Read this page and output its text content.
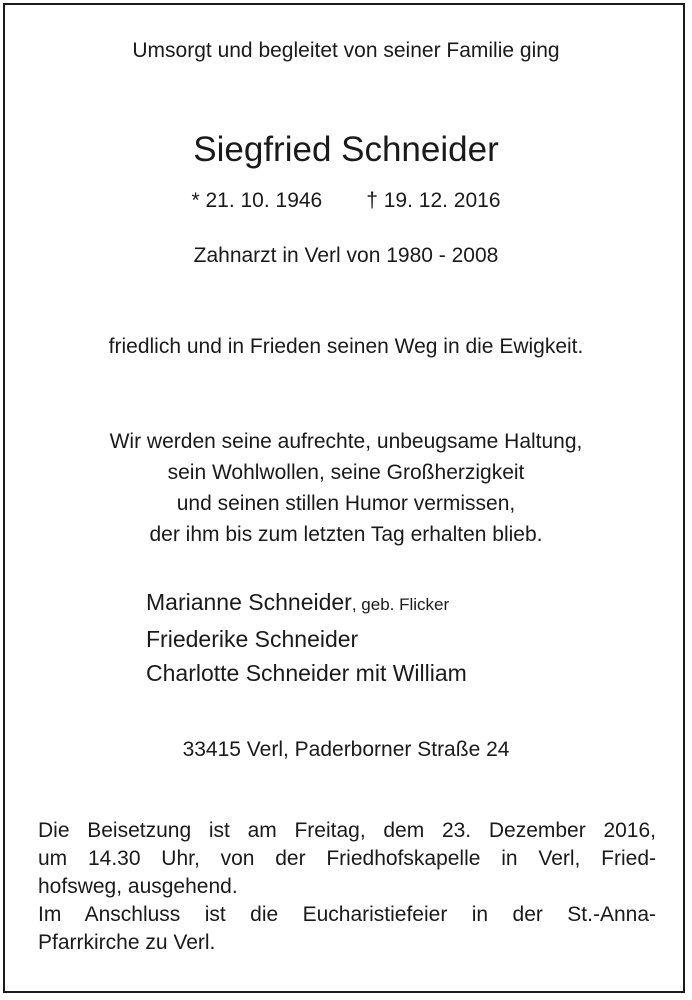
Umsorgt und begleitet von seiner Familie ging
Siegfried Schneider
* 21. 10. 1946 † 19. 12. 2016
Zahnarzt in Verl von 1980 - 2008
friedlich und in Frieden seinen Weg in die Ewigkeit.
Wir werden seine aufrechte, unbeugsame Haltung,
sein Wohlwollen, seine Großherzigkeit
und seinen stillen Humor vermissen,
der ihm bis zum letzten Tag erhalten blieb.
Marianne Schneider, geb. Flicker
Friederike Schneider
Charlotte Schneider mit William
33415 Verl, Paderborner Straße 24
Die Beisetzung ist am Freitag, dem 23. Dezember 2016,
um 14.30 Uhr, von der Friedhofskapelle in Verl, Fried-
hofsweg, ausgehend.
Im Anschluss ist die Eucharistiefeier in der St.-Anna-
Pfarrkirche zu Verl.
